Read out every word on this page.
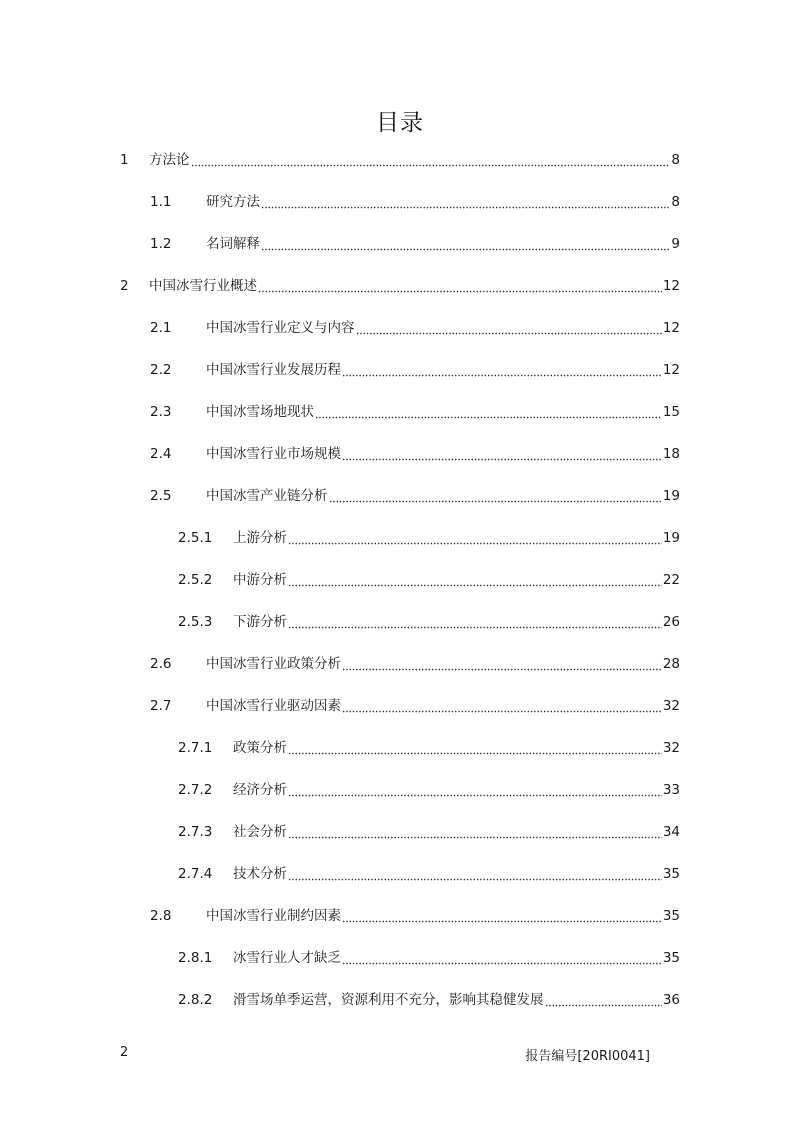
目录
1	方法论	8
1.1	研究方法	8
1.2	名词解释	9
2	中国冰雪行业概述	12
2.1	中国冰雪行业定义与内容	12
2.2	中国冰雪行业发展历程	12
2.3	中国冰雪场地现状	15
2.4	中国冰雪行业市场规模	18
2.5	中国冰雪产业链分析	19
2.5.1	上游分析	19
2.5.2	中游分析	22
2.5.3	下游分析	26
2.6	中国冰雪行业政策分析	28
2.7	中国冰雪行业驱动因素	32
2.7.1	政策分析	32
2.7.2	经济分析	33
2.7.3	社会分析	34
2.7.4	技术分析	35
2.8	中国冰雪行业制约因素	35
2.8.1	冰雪行业人才缺乏	35
2.8.2	滑雪场单季运营，资源利用不充分，影响其稳健发展	36
2	报告编号[20RI0041]
